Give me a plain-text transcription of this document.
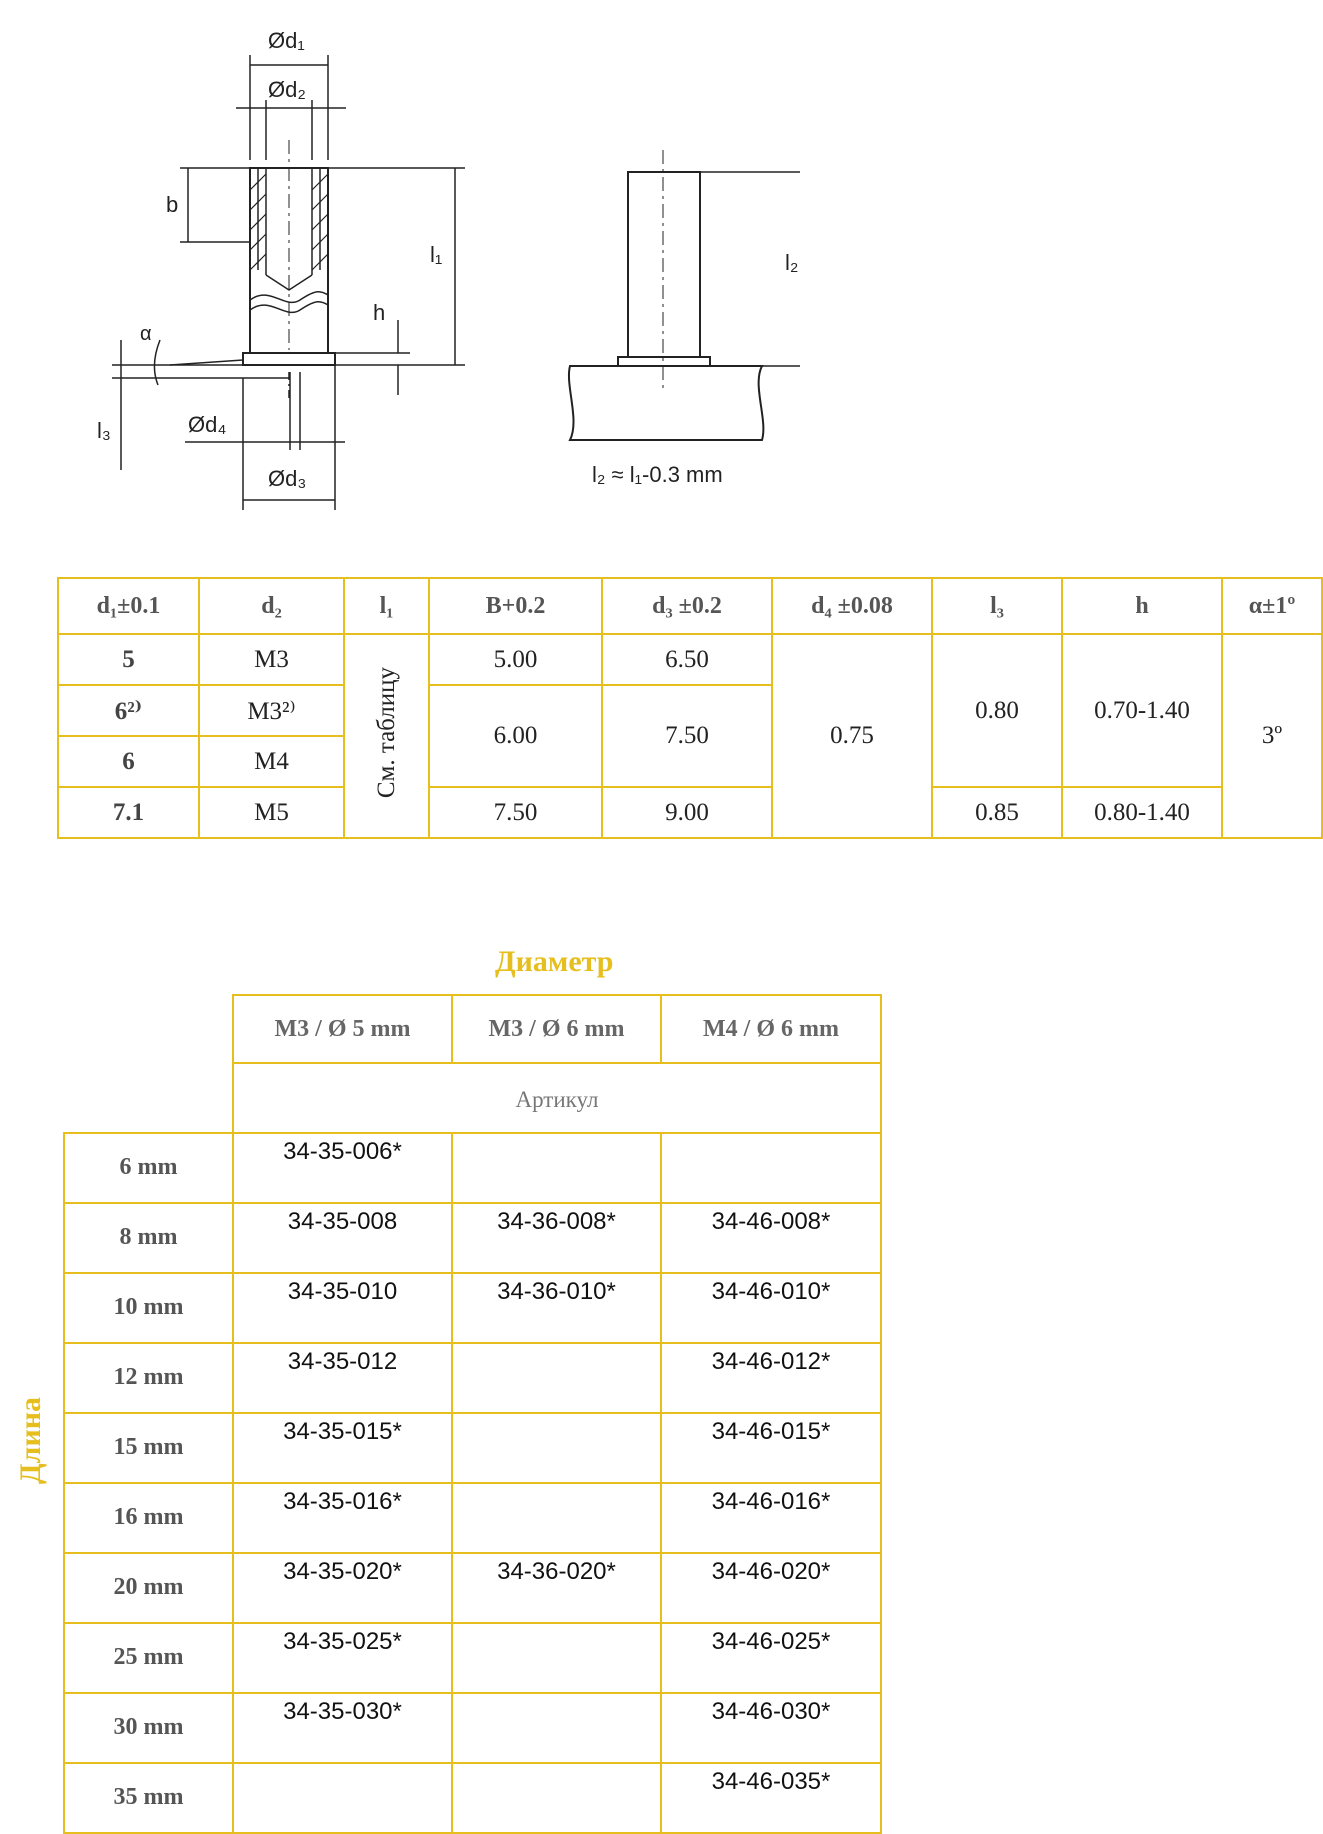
Ød₁
Ød₂
b
l₁
h
α
l₃	Ød₄
Ød₃
l₂
l₂ ≈ l₁-0.3 mm
d₁±0.1	d₂	l₁	B+0.2	d₃ ±0.2	d₄ ±0.08	l₃	h	α±1º
5	M3	См. таблицу	5.00	6.50	0.75	0.80	0.70-1.40	3º
6²⁾	M3²⁾		6.00	7.50				
6	M4							
7.1	M5		7.50	9.00		0.85	0.80-1.40	
Диаметр
Длина
	M3 / Ø 5 mm	M3 / Ø 6 mm	M4 / Ø 6 mm
	Артикул		
6 mm	34-35-006*		
8 mm	34-35-008	34-36-008*	34-46-008*
10 mm	34-35-010	34-36-010*	34-46-010*
12 mm	34-35-012		34-46-012*
15 mm	34-35-015*		34-46-015*
16 mm	34-35-016*		34-46-016*
20 mm	34-35-020*	34-36-020*	34-46-020*
25 mm	34-35-025*		34-46-025*
30 mm	34-35-030*		34-46-030*
35 mm			34-46-035*
